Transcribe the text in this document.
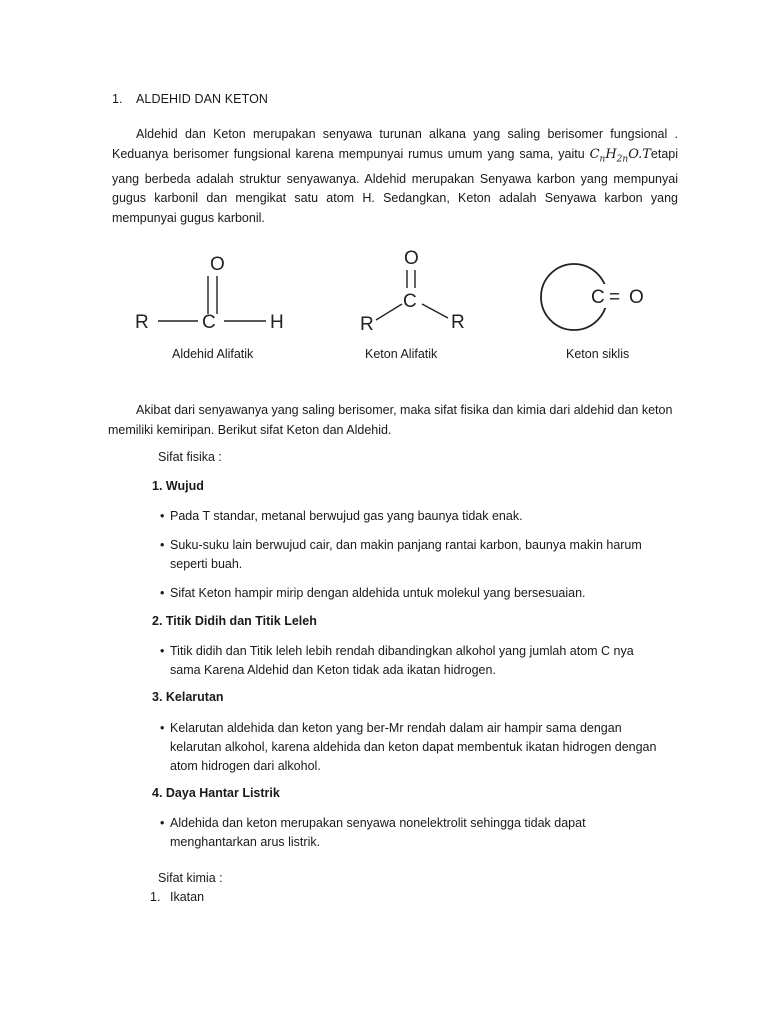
1. ALDEHID DAN KETON

Aldehid dan Keton merupakan senyawa turunan alkana yang saling berisomer fungsional . Keduanya berisomer fungsional karena mempunyai rumus umum yang sama, yaitu $C_nH_{2n}O.Tetapi$ yang berbeda adalah struktur senyawanya. Aldehid merupakan Senyawa karbon yang mempunyai gugus karbonil dan mengikat satu atom H. Sedangkan, Keton adalah Senyawa karbon yang mempunyai gugus karbonil.

O
R	C	H
O
C
R	R
C = O
Aldehid Alifatik	Keton Alifatik	Keton siklis

Akibat dari senyawanya yang saling berisomer, maka sifat fisika dan kimia dari aldehid dan keton memiliki kemiripan. Berikut sifat Keton dan Aldehid.

Sifat fisika :
1. Wujud
• Pada T standar, metanal berwujud gas yang baunya tidak enak.
• Suku-suku lain berwujud cair, dan makin panjang rantai karbon, baunya makin harum seperti buah.
• Sifat Keton hampir mirip dengan aldehida untuk molekul yang bersesuaian.
2. Titik Didih dan Titik Leleh
• Titik didih dan Titik leleh lebih rendah dibandingkan alkohol yang jumlah atom C nya sama Karena Aldehid dan Keton tidak ada ikatan hidrogen.
3. Kelarutan
• Kelarutan aldehida dan keton yang ber-Mr rendah dalam air hampir sama dengan kelarutan alkohol, karena aldehida dan keton dapat membentuk ikatan hidrogen dengan atom hidrogen dari alkohol.
4. Daya Hantar Listrik
• Aldehida dan keton merupakan senyawa nonelektrolit sehingga tidak dapat menghantarkan arus listrik.
Sifat kimia :
1. Ikatan
